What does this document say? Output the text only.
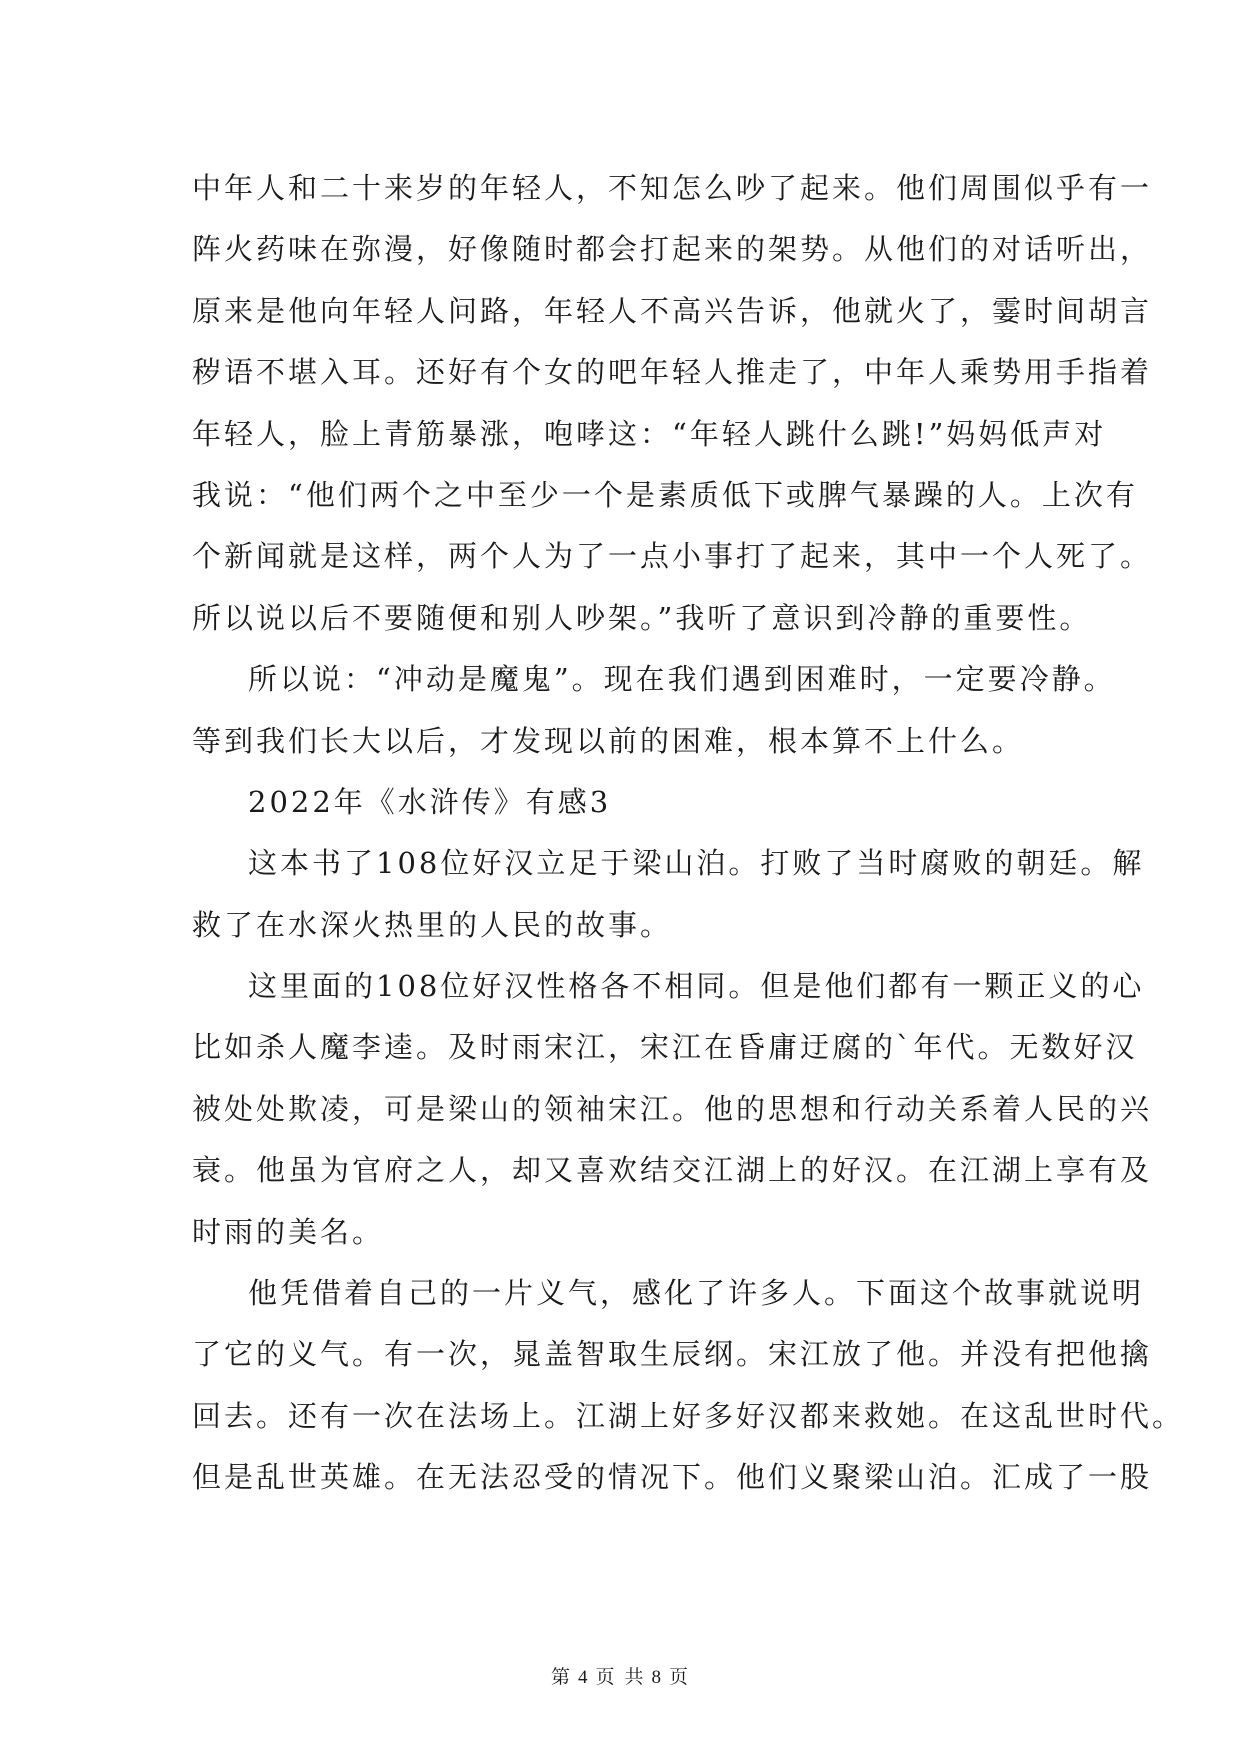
中年人和二十来岁的年轻人，不知怎么吵了起来。他们周围似乎有一
阵火药味在弥漫，好像随时都会打起来的架势。从他们的对话听出，
原来是他向年轻人问路，年轻人不高兴告诉，他就火了，霎时间胡言
秽语不堪入耳。还好有个女的吧年轻人推走了，中年人乘势用手指着
年轻人，脸上青筋暴涨，咆哮这：“年轻人跳什么跳!”妈妈低声对
我说：“他们两个之中至少一个是素质低下或脾气暴躁的人。上次有
个新闻就是这样，两个人为了一点小事打了起来，其中一个人死了。
所以说以后不要随便和别人吵架。”我听了意识到冷静的重要性。
所以说：“冲动是魔鬼”。现在我们遇到困难时，一定要冷静。
等到我们长大以后，才发现以前的困难，根本算不上什么。
2022年《水浒传》有感3
这本书了108位好汉立足于梁山泊。打败了当时腐败的朝廷。解
救了在水深火热里的人民的故事。
这里面的108位好汉性格各不相同。但是他们都有一颗正义的心
比如杀人魔李逵。及时雨宋江，宋江在昏庸迂腐的`年代。无数好汉
被处处欺凌，可是梁山的领袖宋江。他的思想和行动关系着人民的兴
衰。他虽为官府之人，却又喜欢结交江湖上的好汉。在江湖上享有及
时雨的美名。
他凭借着自己的一片义气，感化了许多人。下面这个故事就说明
了它的义气。有一次，晁盖智取生辰纲。宋江放了他。并没有把他擒
回去。还有一次在法场上。江湖上好多好汉都来救她。在这乱世时代。
但是乱世英雄。在无法忍受的情况下。他们义聚梁山泊。汇成了一股
第 4 页 共 8 页
